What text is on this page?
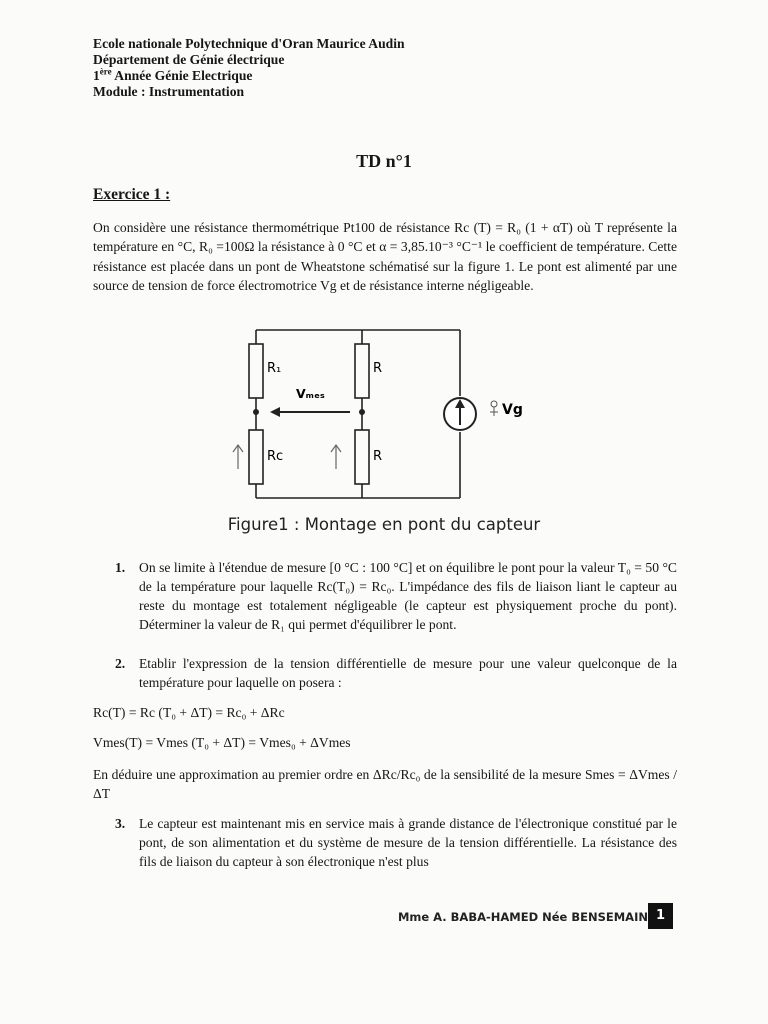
Ecole nationale Polytechnique d'Oran Maurice Audin
Département de Génie électrique
1ère Année Génie Electrique
Module : Instrumentation
TD n°1
Exercice 1 :
On considère une résistance thermométrique Pt100 de résistance Rc (T) = R₀ (1 + αT) où T représente la température en °C, R₀ =100Ω la résistance à 0 °C et α = 3,85.10⁻³ °C⁻¹ le coefficient de température. Cette résistance est placée dans un pont de Wheatstone schématisé sur la figure 1. Le pont est alimenté par une source de tension de force électromotrice Vg et de résistance interne négligeable.
R₁	R
Rc	R
Vₘₑₛ
Vg
Figure1 : Montage en pont du capteur
1. On se limite à l'étendue de mesure [0 °C : 100 °C] et on équilibre le pont pour la valeur T₀ = 50 °C de la température pour laquelle Rc(T₀) = Rc₀. L'impédance des fils de liaison liant le capteur au reste du montage est totalement négligeable (le capteur est physiquement proche du pont). Déterminer la valeur de R₁ qui permet d'équilibrer le pont.
2. Etablir l'expression de la tension différentielle de mesure pour une valeur quelconque de la température pour laquelle on posera :
Rc(T) = Rc (T₀ + ΔT) = Rc₀ + ΔRc
Vmes(T) = Vmes (T₀ + ΔT) = Vmes₀ + ΔVmes
En déduire une approximation au premier ordre en ΔRc/Rc₀ de la sensibilité de la mesure Smes = ΔVmes / ΔT
3. Le capteur est maintenant mis en service mais à grande distance de l'électronique constitué par le pont, de son alimentation et du système de mesure de la tension différentielle. La résistance des fils de liaison du capteur à son électronique n'est plus
Mme A. BABA-HAMED Née BENSEMAIN 1
